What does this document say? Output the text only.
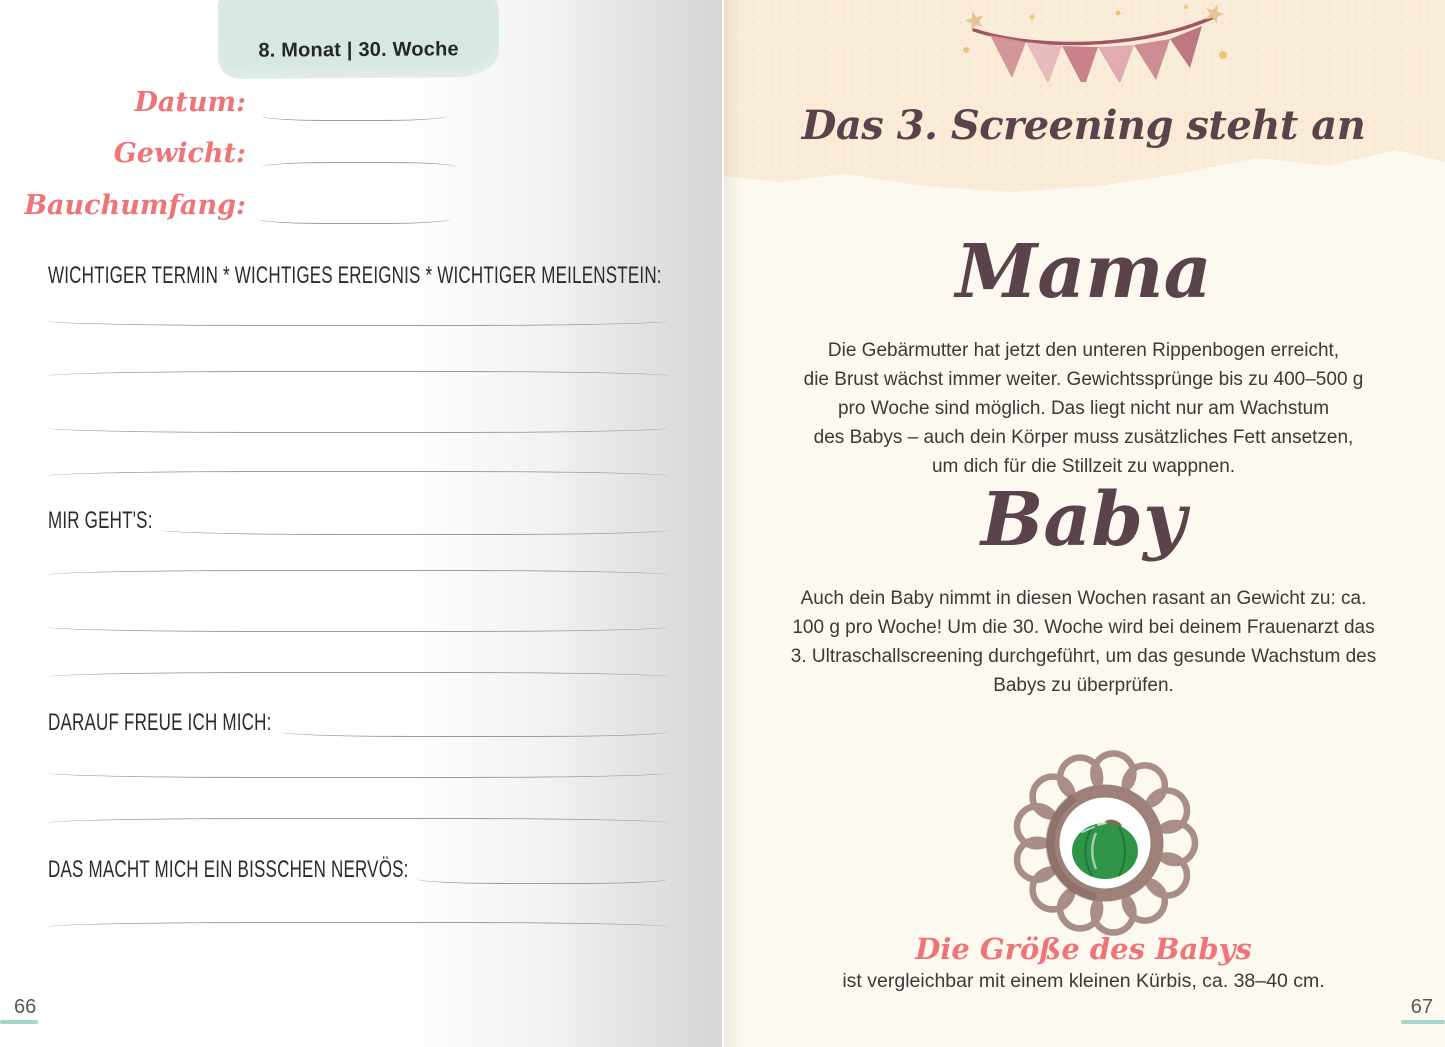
8. Monat | 30. Woche
Datum:
Gewicht:
Bauchumfang:
WICHTIGER TERMIN * WICHTIGES EREIGNIS * WICHTIGER MEILENSTEIN:
MIR GEHT'S:
DARAUF FREUE ICH MICH:
DAS MACHT MICH EIN BISSCHEN NERVÖS:
66
Das 3. Screening steht an
Mama
Die Gebärmutter hat jetzt den unteren Rippenbogen erreicht,
die Brust wächst immer weiter. Gewichtssprünge bis zu 400–500 g
pro Woche sind möglich. Das liegt nicht nur am Wachstum
des Babys – auch dein Körper muss zusätzliches Fett ansetzen,
um dich für die Stillzeit zu wappnen.
Baby
Auch dein Baby nimmt in diesen Wochen rasant an Gewicht zu: ca.
100 g pro Woche! Um die 30. Woche wird bei deinem Frauenarzt das
3. Ultraschallscreening durchgeführt, um das gesunde Wachstum des
Babys zu überprüfen.
Die Größe des Babys
ist vergleichbar mit einem kleinen Kürbis, ca. 38–40 cm.
67
